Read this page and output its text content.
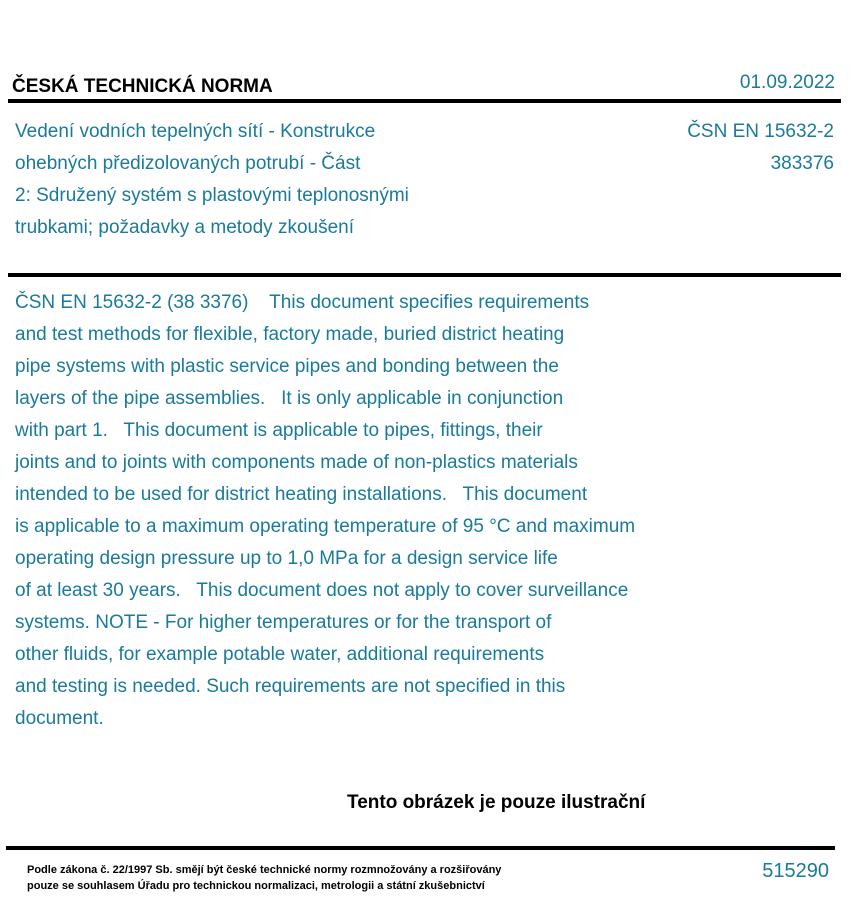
ČESKÁ TECHNICKÁ NORMA	01.09.2022
Vedení vodních tepelných sítí - Konstrukce
ohebných předizolovaných potrubí - Část
2: Sdružený systém s plastovými teplonosnými
trubkami; požadavky a metody zkoušení
ČSN EN 15632-2
383376
ČSN EN 15632-2 (38 3376)    This document specifies requirements
and test methods for flexible, factory made, buried district heating
pipe systems with plastic service pipes and bonding between the
layers of the pipe assemblies.   It is only applicable in conjunction
with part 1.   This document is applicable to pipes, fittings, their
joints and to joints with components made of non-plastics materials
intended to be used for district heating installations.   This document
is applicable to a maximum operating temperature of 95 °C and maximum
operating design pressure up to 1,0 MPa for a design service life
of at least 30 years.   This document does not apply to cover surveillance
systems. NOTE - For higher temperatures or for the transport of
other fluids, for example potable water, additional requirements
and testing is needed. Such requirements are not specified in this
document.
Tento obrázek je pouze ilustrační
Podle zákona č. 22/1997 Sb. smějí být české technické normy rozmnožovány a rozšiřovány
pouze se souhlasem Úřadu pro technickou normalizaci, metrologii a státní zkušebnictví
515290
